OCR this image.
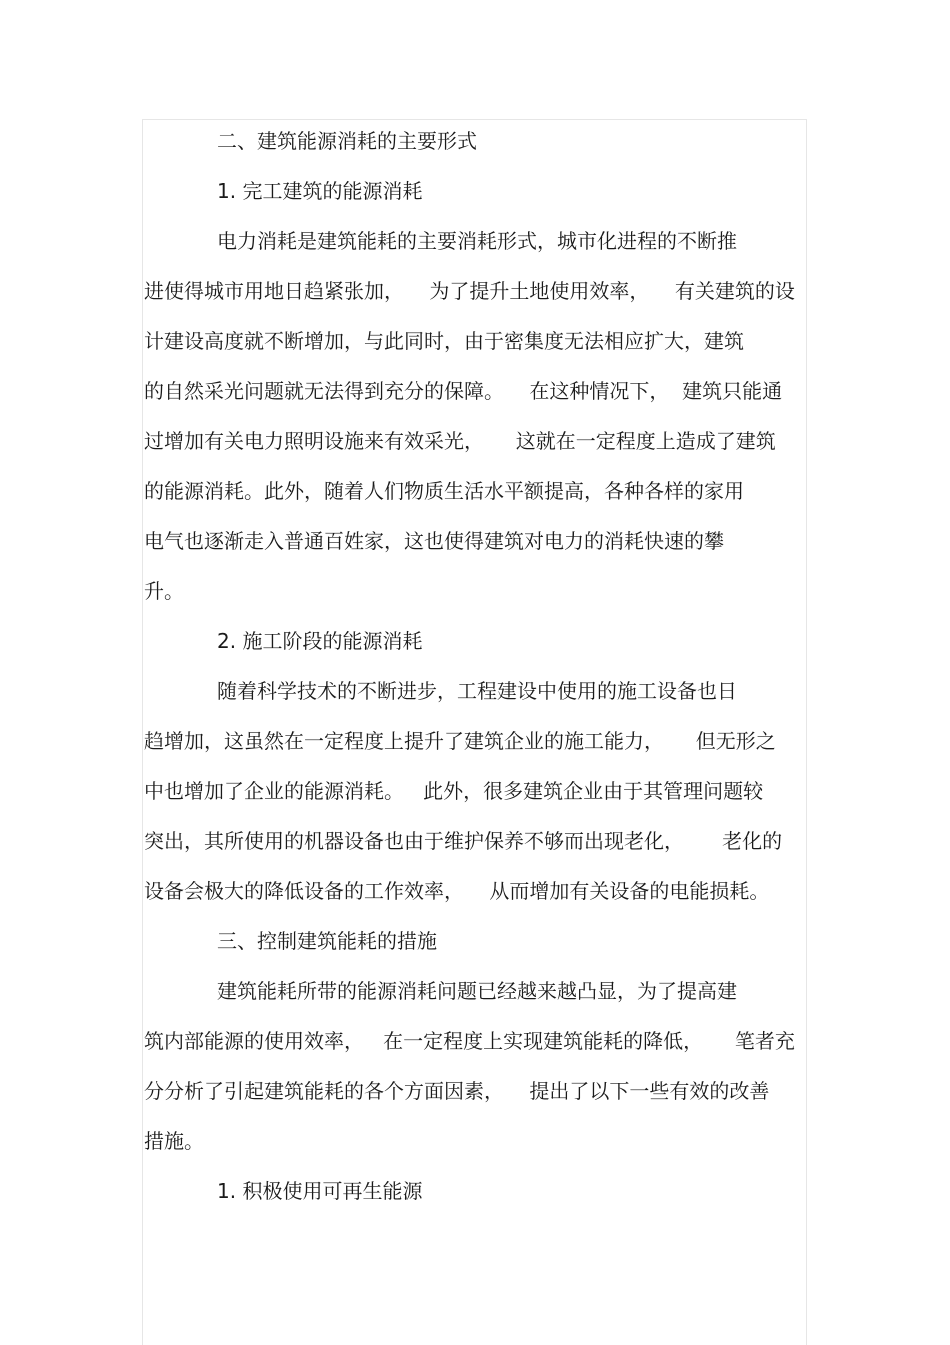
二、建筑能源消耗的主要形式
1. 完工建筑的能源消耗
电力消耗是建筑能耗的主要消耗形式，城市化进程的不断推
进使得城市用地日趋紧张加，    为了提升土地使用效率，    有关建筑的设
计建设高度就不断增加，与此同时，由于密集度无法相应扩大，建筑
的自然采光问题就无法得到充分的保障。    在这种情况下，  建筑只能通
过增加有关电力照明设施来有效采光，     这就在一定程度上造成了建筑
的能源消耗。此外，随着人们物质生活水平额提高，各种各样的家用
电气也逐渐走入普通百姓家，这也使得建筑对电力的消耗快速的攀
升。
2. 施工阶段的能源消耗
随着科学技术的不断进步，工程建设中使用的施工设备也日
趋增加，这虽然在一定程度上提升了建筑企业的施工能力，     但无形之
中也增加了企业的能源消耗。   此外，很多建筑企业由于其管理问题较
突出，其所使用的机器设备也由于维护保养不够而出现老化，      老化的
设备会极大的降低设备的工作效率，    从而增加有关设备的电能损耗。
三、控制建筑能耗的措施
建筑能耗所带的能源消耗问题已经越来越凸显，为了提高建
筑内部能源的使用效率，   在一定程度上实现建筑能耗的降低，     笔者充
分分析了引起建筑能耗的各个方面因素，    提出了以下一些有效的改善
措施。
1. 积极使用可再生能源
